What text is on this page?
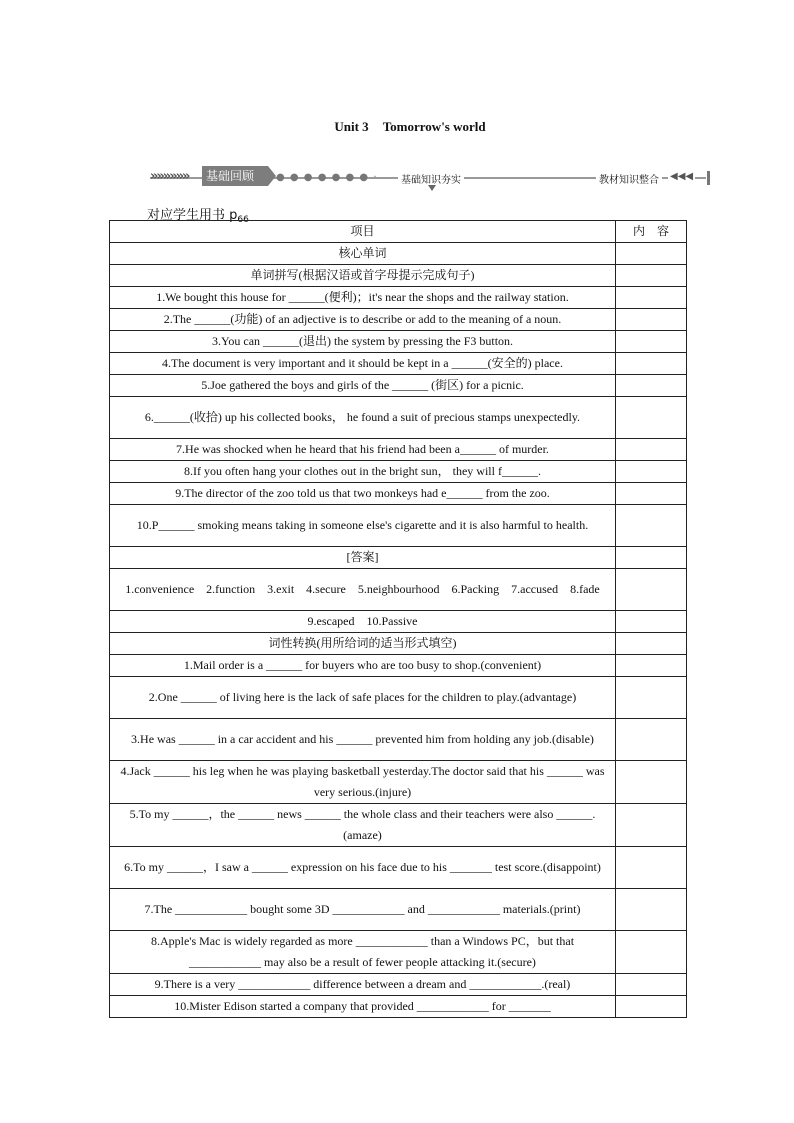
Unit 3 Tomorrow's world
»»»»»»	基础回顾	● ● ● ● ● ● ● ·	基础知识夯实	教材知识整合	◀◀◀
对应学生用书 $p_{66}$
项目	内　容
核心单词	
单词拼写(根据汉语或首字母提示完成句子)	
1.We bought this house for ______(便利)；it's near the shops and the railway station.	
2.The ______(功能) of an adjective is to describe or add to the meaning of a noun.	
3.You can ______(退出) the system by pressing the F3 button.	
4.The document is very important and it should be kept in a ______(安全的) place.	
5.Joe gathered the boys and girls of the ______ (街区) for a picnic.	
6.______(收拾) up his collected books， he found a suit of precious stamps unexpectedly.	
7.He was shocked when he heard that his friend had been a______ of murder.	
8.If you often hang your clothes out in the bright sun， they will f______.	
9.The director of the zoo told us that two monkeys had e______ from the zoo.	
10.P______ smoking means taking in someone else's cigarette and it is also harmful to health.	
[答案]	
1.convenience　2.function　3.exit　4.secure　5.neighbourhood　6.Packing　7.accused　8.fade	
9.escaped　10.Passive	
词性转换(用所给词的适当形式填空)	
1.Mail order is a ______ for buyers who are too busy to shop.(convenient)	
2.One ______ of living here is the lack of safe places for the children to play.(advantage)	
3.He was ______ in a car accident and his ______ prevented him from holding any job.(disable)	
4.Jack ______ his leg when he was playing basketball yesterday.The doctor said that his ______ was very serious.(injure)	
5.To my ______，the ______ news ______ the whole class and their teachers were also ______.(amaze)	
6.To my ______，I saw a ______ expression on his face due to his _______ test score.(disappoint)	
7.The ____________ bought some 3D ____________ and ____________ materials.(print)	
8.Apple's Mac is widely regarded as more ____________ than a Windows PC，but that ____________ may also be a result of fewer people attacking it.(secure)	
9.There is a very ____________ difference between a dream and ____________.(real)	
10.Mister Edison started a company that provided ____________ for _______	
